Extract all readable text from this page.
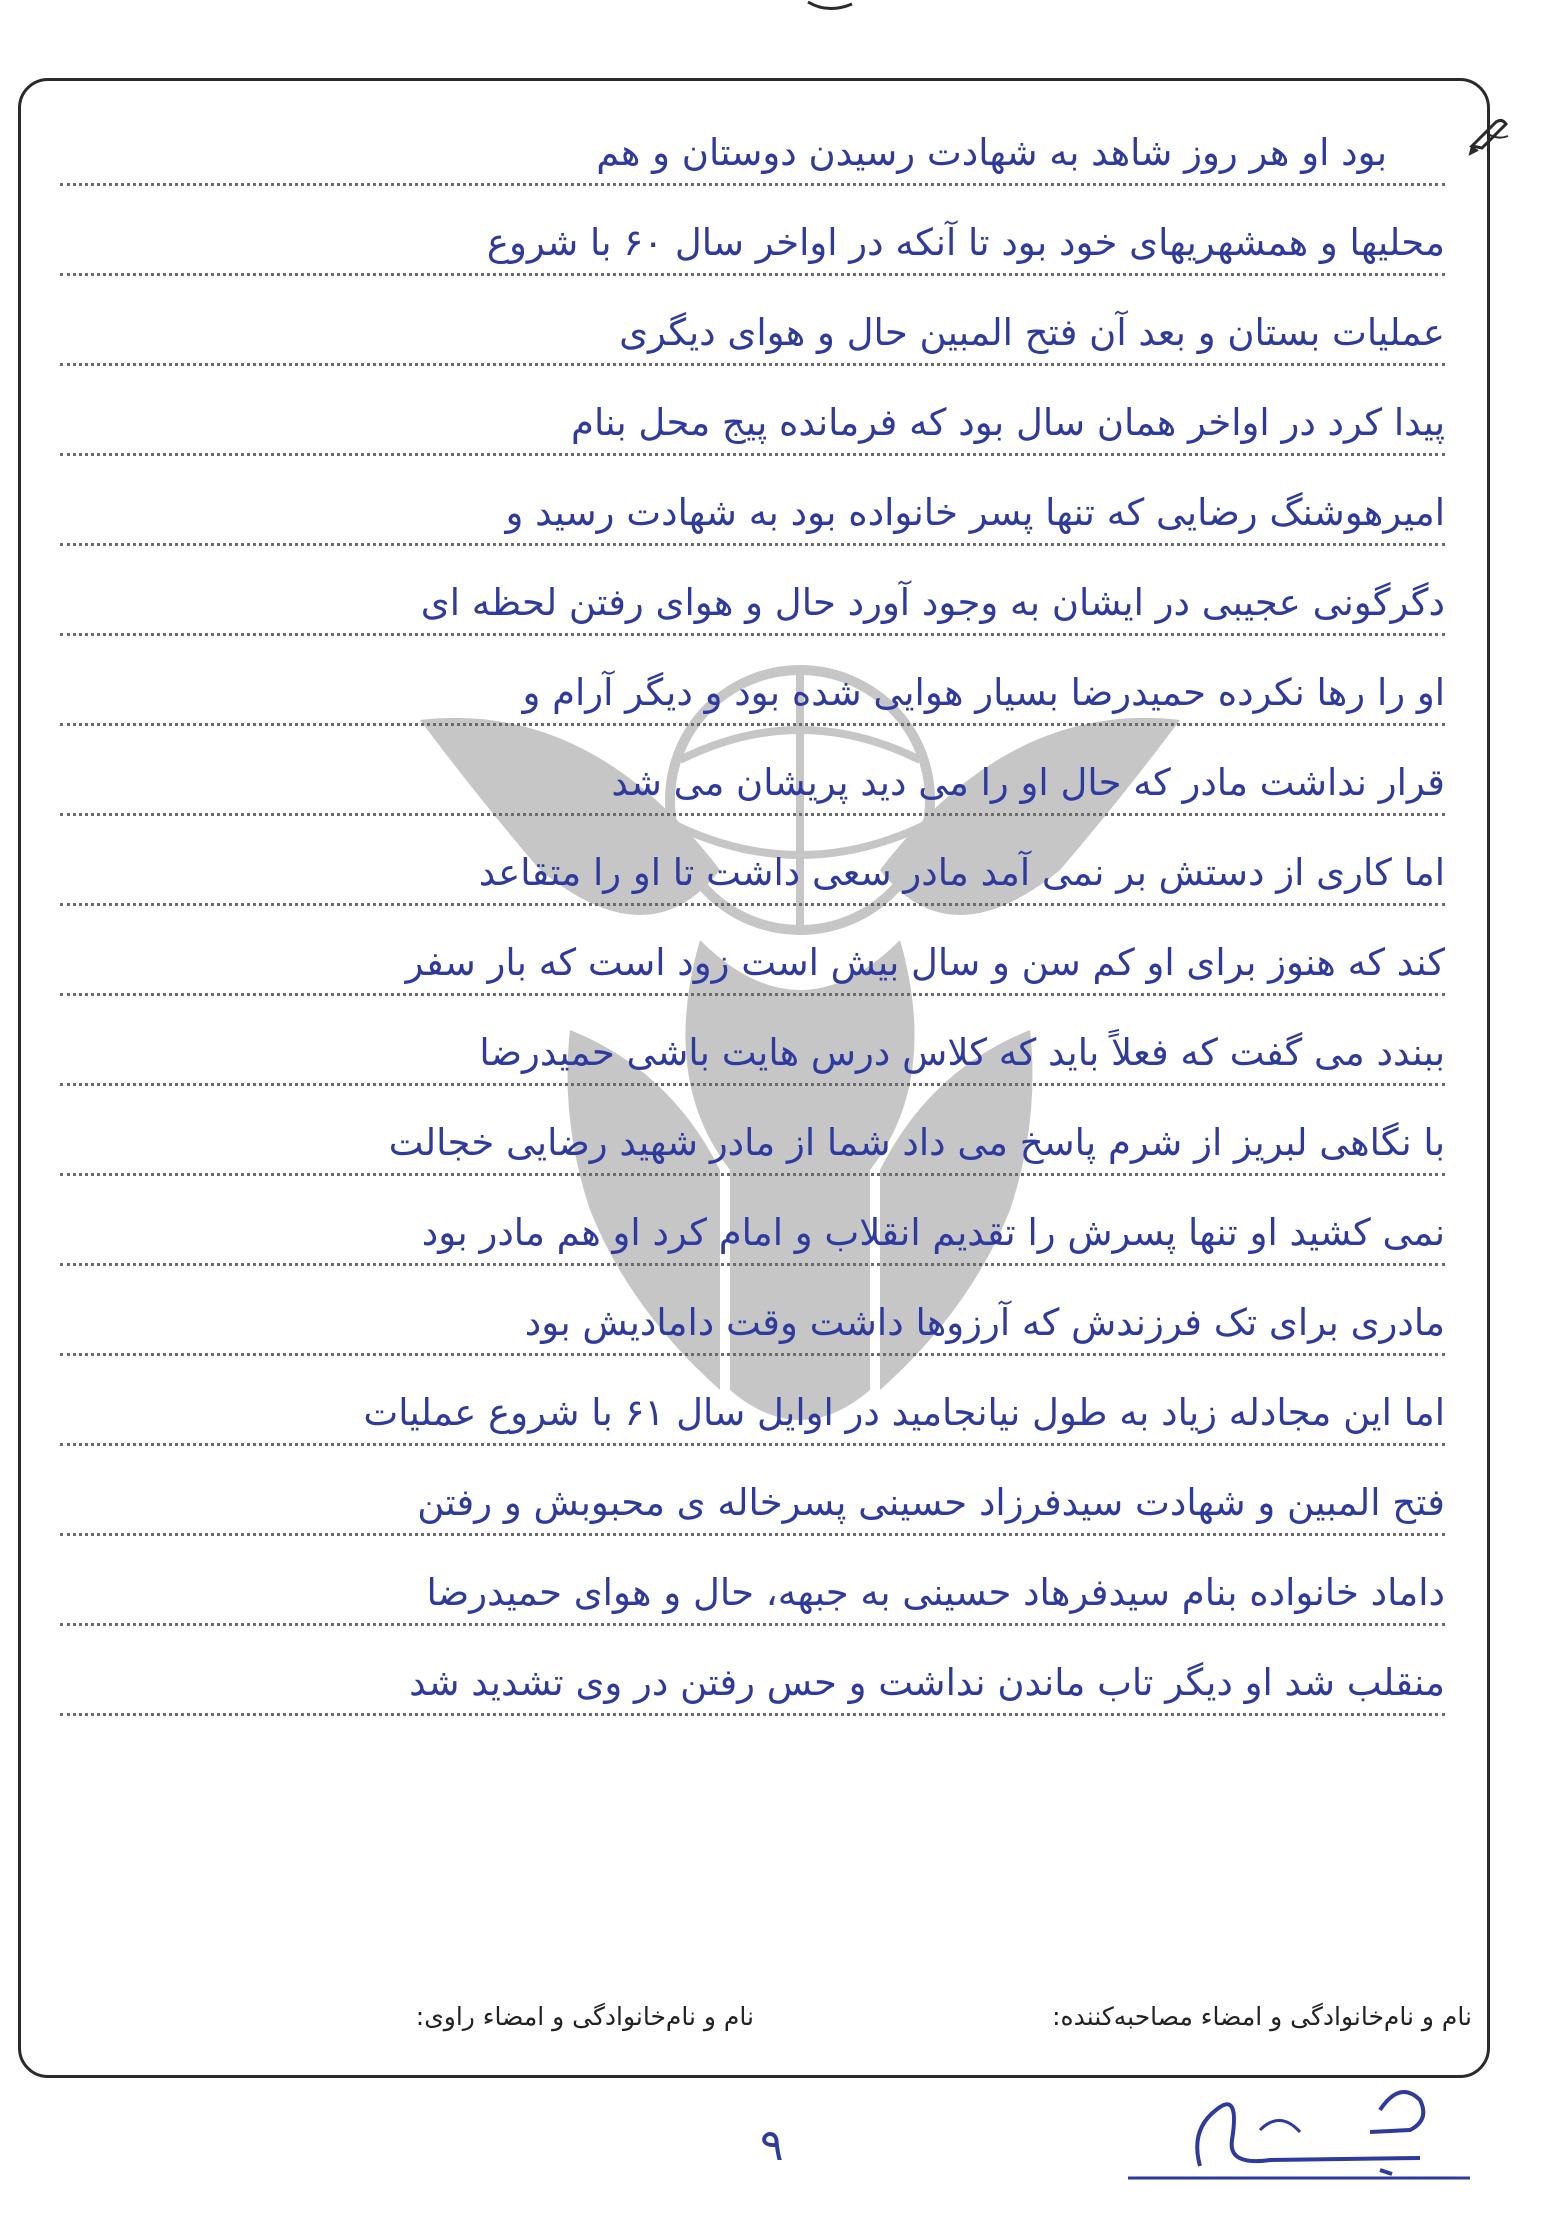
بود او هر روز شاهد به شهادت رسیدن دوستان و هم
محلیها و همشهریهای خود بود تا آنکه در اواخر سال ۶۰ با شروع
عملیات بستان و بعد آن فتح المبین حال و هوای دیگری
پیدا کرد در اواخر همان سال بود که فرمانده پیج محل بنام
امیرهوشنگ رضایی که تنها پسر خانواده بود به شهادت رسید و
دگرگونی عجیبی در ایشان به وجود آورد حال و هوای رفتن لحظه ای
او را رها نکرده حمیدرضا بسیار هوایی شده بود و دیگر آرام و
قرار نداشت مادر که حال او را می دید پریشان می شد
اما کاری از دستش بر نمی آمد مادر سعی داشت تا او را متقاعد
کند که هنوز برای او کم سن و سال بیش است زود است که بار سفر
ببندد می گفت که فعلاً باید که کلاس درس هایت باشی حمیدرضا
با نگاهی لبریز از شرم پاسخ می داد شما از مادر شهید رضایی خجالت
نمی کشید او تنها پسرش را تقدیم انقلاب و امام کرد او هم مادر بود
مادری برای تک فرزندش که آرزوها داشت وقت دامادیش بود
اما این مجادله زیاد به طول نیانجامید در اوایل سال ۶۱ با شروع عملیات
فتح المبین و شهادت سیدفرزاد حسینی پسرخاله ی محبوبش و رفتن
داماد خانواده بنام سیدفرهاد حسینی به جبهه، حال و هوای حمیدرضا
منقلب شد او دیگر تاب ماندن نداشت و حس رفتن در وی تشدید شد
نام و نام‌خانوادگی و امضاء مصاحبه‌کننده:
نام و نام‌خانوادگی و امضاء راوی:
۹
